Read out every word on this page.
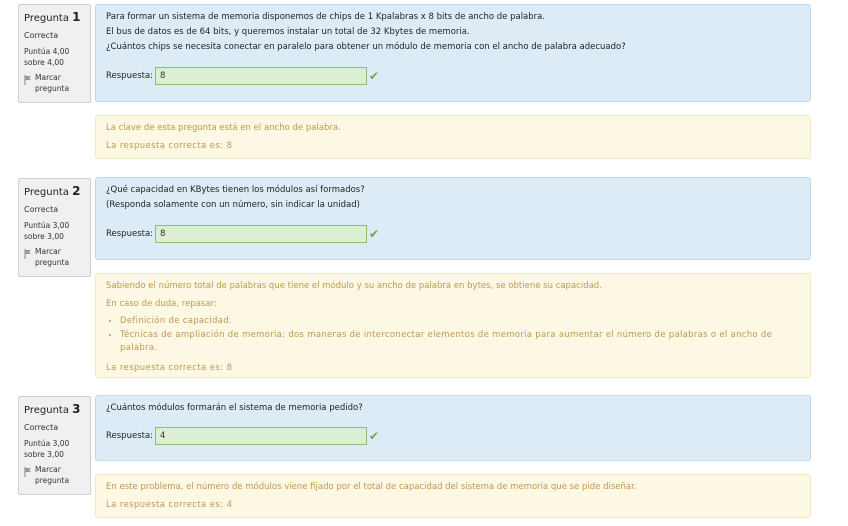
Pregunta 1
Correcta
Puntúa 4,00 sobre 4,00
Marcar pregunta

Para formar un sistema de memoria disponemos de chips de 1 Kpalabras x 8 bits de ancho de palabra.

El bus de datos es de 64 bits, y queremos instalar un total de 32 Kbytes de memoria.

¿Cuántos chips se necesita conectar en paralelo para obtener un módulo de memoria con el ancho de palabra adecuado?

Respuesta:
8	✔

La clave de esta pregunta está en el ancho de palabra.

La respuesta correcta es: 8

Pregunta 2
Correcta
Puntúa 3,00 sobre 3,00
Marcar pregunta

¿Qué capacidad en KBytes tienen los módulos así formados?

(Responda solamente con un número, sin indicar la unidad)

Respuesta:
8	✔

Sabiendo el número total de palabras que tiene el módulo y su ancho de palabra en bytes, se obtiene su capacidad.

En caso de duda, repasar:

• Definición de capacidad.
• Técnicas de ampliación de memoria: dos maneras de interconectar elementos de memoria para aumentar el número de palabras o el ancho de palabra.

La respuesta correcta es: 8

Pregunta 3
Correcta
Puntúa 3,00 sobre 3,00
Marcar pregunta

¿Cuántos módulos formarán el sistema de memoria pedido?

Respuesta:
4	✔

En este problema, el número de módulos viene fijado por el total de capacidad del sistema de memoria que se pide diseñar.

La respuesta correcta es: 4
